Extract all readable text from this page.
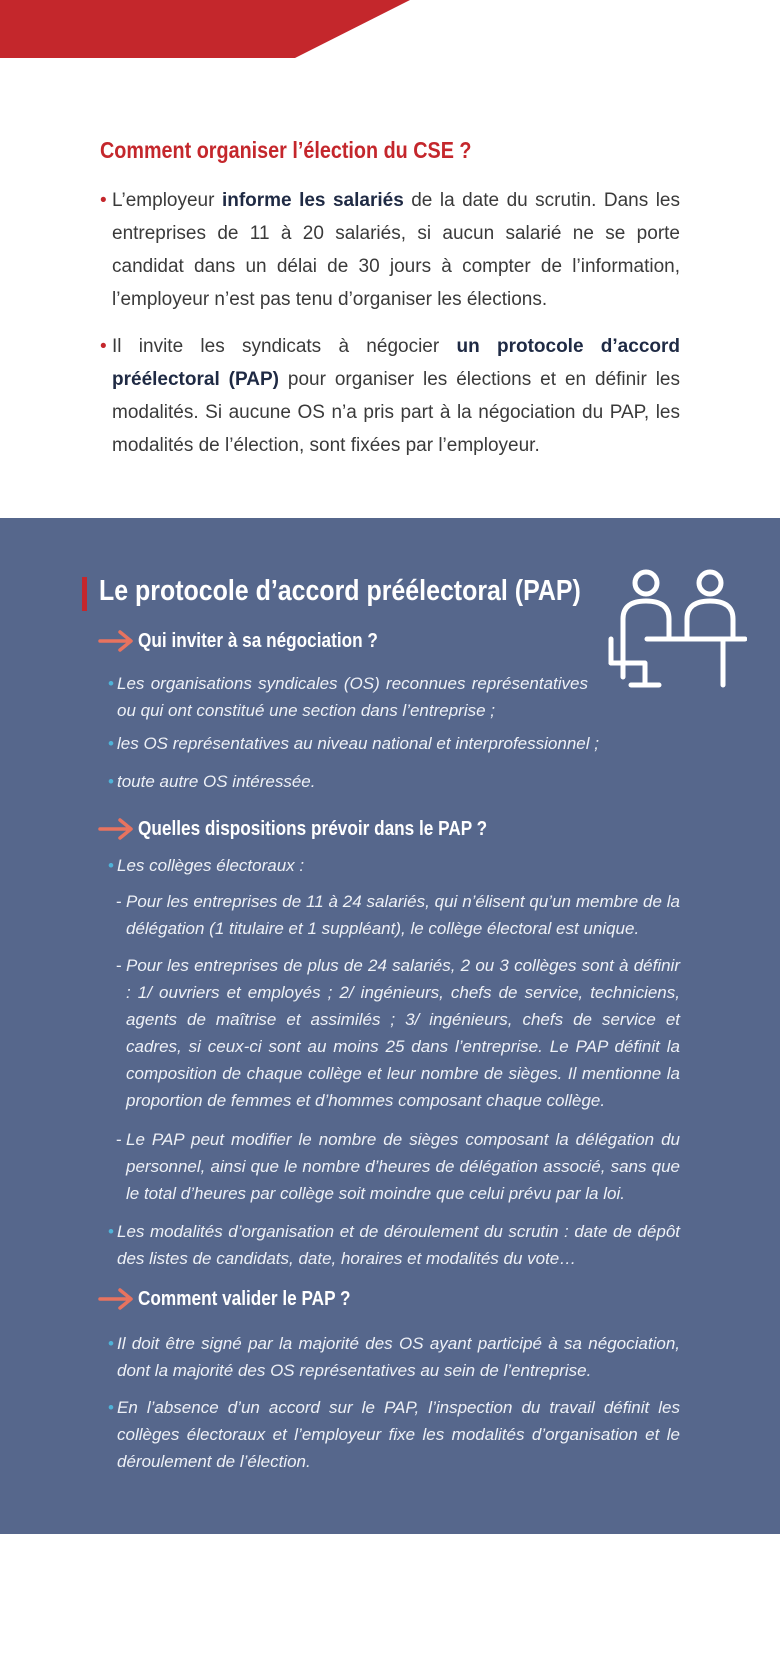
Comment organiser l’élection du CSE ?

• L’employeur informe les salariés de la date du scrutin. Dans les entreprises de 11 à 20 salariés, si aucun salarié ne se porte candidat dans un délai de 30 jours à compter de l’information, l’employeur n’est pas tenu d’organiser les élections.

• Il invite les syndicats à négocier un protocole d’accord préélectoral (PAP) pour organiser les élections et en définir les modalités. Si aucune OS n’a pris part à la négociation du PAP, les modalités de l’élection, sont fixées par l’employeur.

Le protocole d’accord préélectoral (PAP)
Qui inviter à sa négociation ?

• Les organisations syndicales (OS) reconnues représentatives ou qui ont constitué une section dans l’entreprise ;

• les OS représentatives au niveau national et interprofessionnel ;

• toute autre OS intéressée.

Quelles dispositions prévoir dans le PAP ?

• Les collèges électoraux :

- Pour les entreprises de 11 à 24 salariés, qui n’élisent qu’un membre de la délégation (1 titulaire et 1 suppléant), le collège électoral est unique.

- Pour les entreprises de plus de 24 salariés, 2 ou 3 collèges sont à définir : 1/ ouvriers et employés ; 2/ ingénieurs, chefs de service, techniciens, agents de maîtrise et assimilés ; 3/ ingénieurs, chefs de service et cadres, si ceux-ci sont au moins 25 dans l’entreprise. Le PAP définit la composition de chaque collège et leur nombre de sièges. Il mentionne la proportion de femmes et d’hommes composant chaque collège.

- Le PAP peut modifier le nombre de sièges composant la délégation du personnel, ainsi que le nombre d’heures de délégation associé, sans que le total d’heures par collège soit moindre que celui prévu par la loi.

• Les modalités d’organisation et de déroulement du scrutin : date de dépôt des listes de candidats, date, horaires et modalités du vote…

Comment valider le PAP ?

• Il doit être signé par la majorité des OS ayant participé à sa négociation, dont la majorité des OS représentatives au sein de l’entreprise.

• En l’absence d’un accord sur le PAP, l’inspection du travail définit les collèges électoraux et l’employeur fixe les modalités d’organisation et le déroulement de l’élection.
